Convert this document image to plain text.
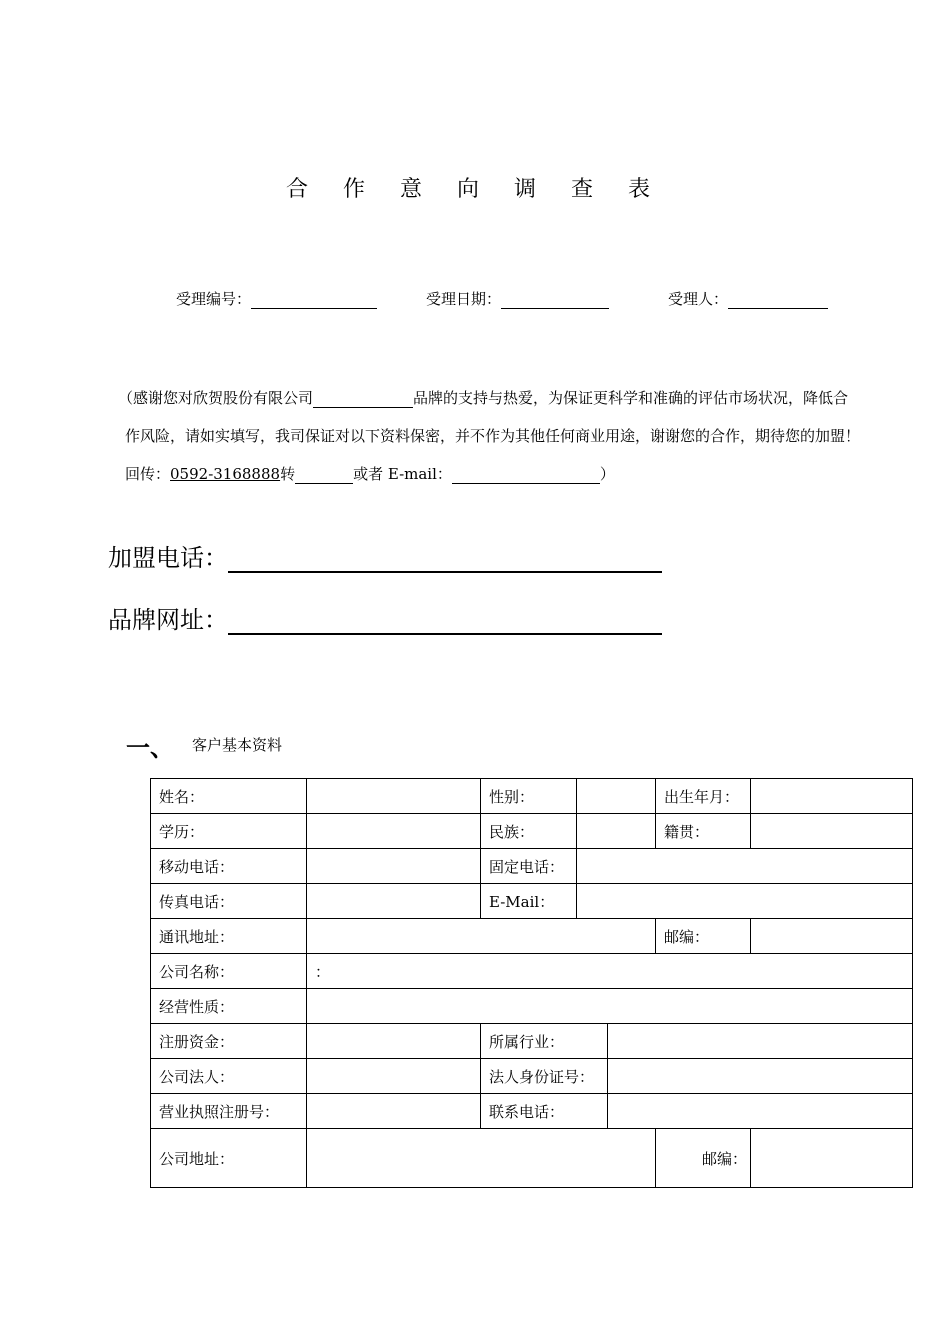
合 作 意 向 调 查 表
受理编号：	受理日期：	受理人：
（感谢您对欣贺股份有限公司	品牌的支持与热爱，为保证更科学和准确的评估市场状况，降低合
作风险，请如实填写，我司保证对以下资料保密，并不作为其他任何商业用途，谢谢您的合作，期待您的加盟！
回传：0592-3168888转	或者 E-mail：	）
加盟电话：
品牌网址：
一、 客户基本资料
姓名：		性别：			出生年月：	
学历：		民族：			籍贯：	
移动电话：		固定电话：				
传真电话：		E-Mail：				
通讯地址：					邮编：	
公司名称：	：					
经营性质：						
注册资金：		所属行业：				
公司法人：		法人身份证号：				
营业执照注册号：		联系电话：				
公司地址：					邮编：	
